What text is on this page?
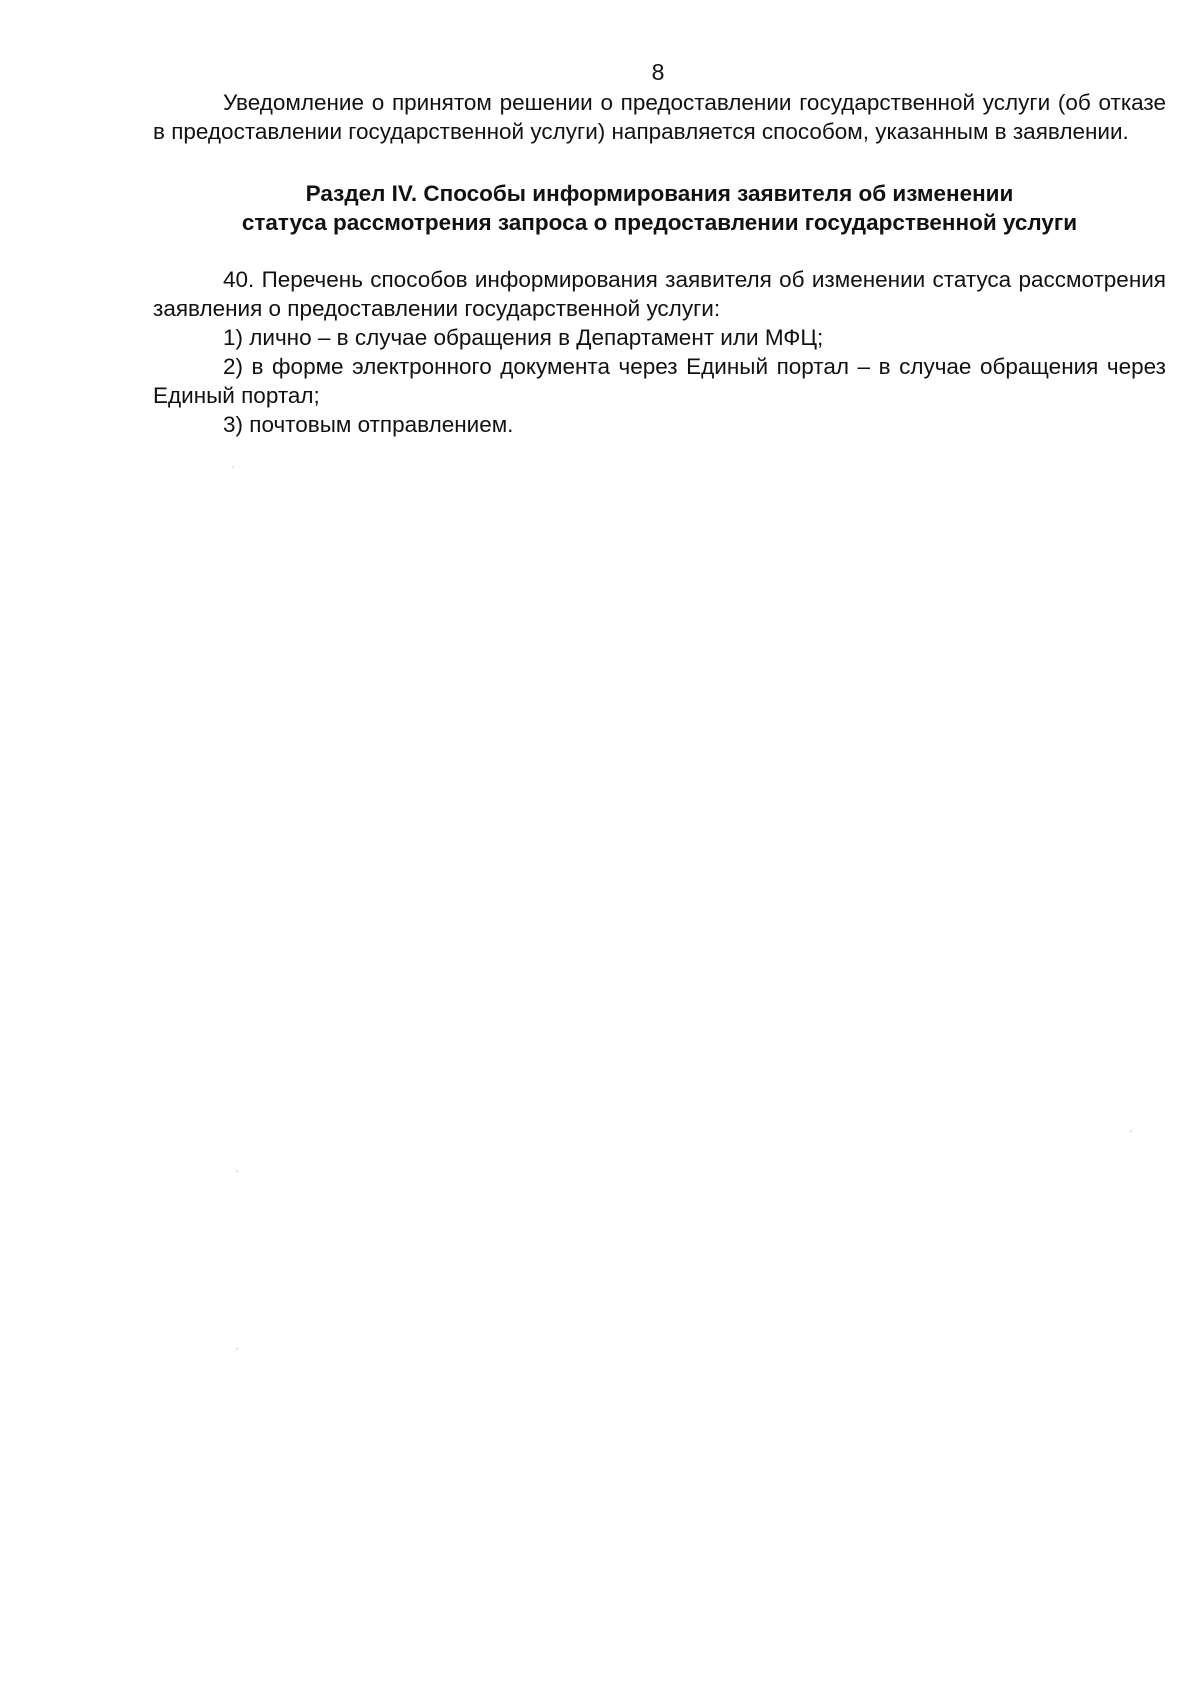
8

Уведомление о принятом решении о предоставлении государственной услуги (об отказе в предоставлении государственной услуги) направляется способом, указанным в заявлении.

Раздел IV. Способы информирования заявителя об изменении
статуса рассмотрения запроса о предоставлении государственной услуги

40. Перечень способов информирования заявителя об изменении статуса рассмотрения заявления о предоставлении государственной услуги:

1) лично – в случае обращения в Департамент или МФЦ;

2) в форме электронного документа через Единый портал – в случае обращения через Единый портал;

3) почтовым отправлением.
